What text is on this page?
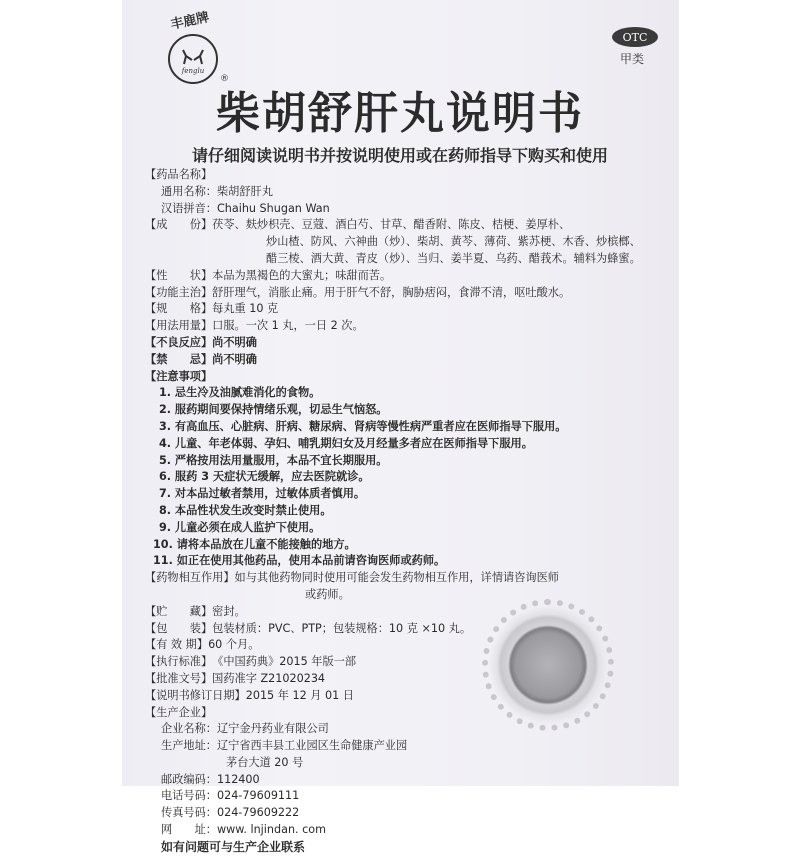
丰鹿牌
fenglu
®
OTC
甲类
柴胡舒肝丸说明书
请仔细阅读说明书并按说明使用或在药师指导下购买和使用
【药品名称】
通用名称： 柴胡舒肝丸
汉语拼音： Chaihu Shugan Wan
【成　　份】 茯苓、麸炒枳壳、豆蔻、酒白芍、甘草、醋香附、陈皮、桔梗、姜厚朴、
炒山楂、防风、六神曲（炒）、柴胡、黄芩、薄荷、紫苏梗、木香、炒槟榔、
醋三棱、酒大黄、青皮（炒）、当归、姜半夏、乌药、醋莪术。辅料为蜂蜜。
【性　　状】 本品为黑褐色的大蜜丸；味甜而苦。
【功能主治】 舒肝理气，消胀止痛。用于肝气不舒，胸胁痞闷，食滞不清，呕吐酸水。
【规　　格】 每丸重 10 克
【用法用量】 口服。一次 1 丸，一日 2 次。
【不良反应】 尚不明确
【禁　　忌】 尚不明确
【注意事项】
1. 忌生冷及油腻难消化的食物。
2. 服药期间要保持情绪乐观，切忌生气恼怒。
3. 有高血压、心脏病、肝病、糖尿病、肾病等慢性病严重者应在医师指导下服用。
4. 儿童、年老体弱、孕妇、哺乳期妇女及月经量多者应在医师指导下服用。
5. 严格按用法用量服用，本品不宜长期服用。
6. 服药 3 天症状无缓解，应去医院就诊。
7. 对本品过敏者禁用，过敏体质者慎用。
8. 本品性状发生改变时禁止使用。
9. 儿童必须在成人监护下使用。
10. 请将本品放在儿童不能接触的地方。
11. 如正在使用其他药品，使用本品前请咨询医师或药师。
【药物相互作用】 如与其他药物同时使用可能会发生药物相互作用，详情请咨询医师
或药师。
【贮　　藏】 密封。
【包　　装】 包装材质：PVC、PTP；包装规格：10 克 ×10 丸。
【有 效 期】 60 个月。
【执行标准】 《中国药典》2015 年版一部
【批准文号】 国药准字 Z21020234
【说明书修订日期】 2015 年 12 月 01 日
【生产企业】
企业名称： 辽宁金丹药业有限公司
生产地址： 辽宁省西丰县工业园区生命健康产业园
茅台大道 20 号
邮政编码： 112400
电话号码： 024-79609111
传真号码： 024-79609222
网　　址： www. lnjindan. com
如有问题可与生产企业联系
